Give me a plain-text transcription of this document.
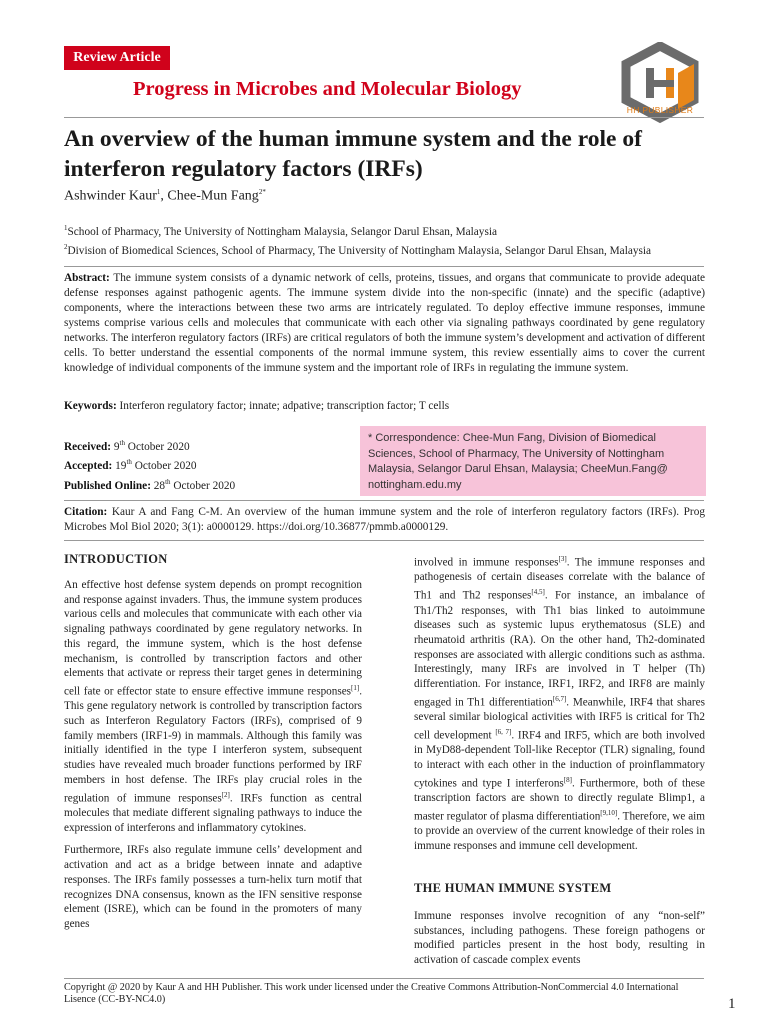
Review Article
Progress in Microbes and Molecular Biology
HH PUBLISHER
An overview of the human immune system and the role of interferon regulatory factors (IRFs)
Ashwinder Kaur$^1$, Chee-Mun Fang$^{2*}$

$^1$School of Pharmacy, The University of Nottingham Malaysia, Selangor Darul Ehsan, Malaysia

$^2$Division of Biomedical Sciences, School of Pharmacy, The University of Nottingham Malaysia, Selangor Darul Ehsan, Malaysia

Abstract: The immune system consists of a dynamic network of cells, proteins, tissues, and organs that communicate to provide adequate defense responses against pathogenic agents. The immune system divide into the non-specific (innate) and the specific (adaptive) components, where the interactions between these two arms are intricately regulated. To deploy effective immune responses, immune systems comprise various cells and molecules that communicate with each other via signaling pathways coordinated by gene regulatory networks. The interferon regulatory factors (IRFs) are critical regulators of both the immune system’s development and activation of different cells. To better understand the essential components of the normal immune system, this review essentially aims to cover the current knowledge of individual components of the immune system and the important role of IRFs in regulating the immune system.
Keywords: Interferon regulatory factor; innate; adpative; transcription factor; T cells
Received: 9th October 2020
Accepted: 19th October 2020
Published Online: 28th October 2020
* Correspondence: Chee-Mun Fang, Division of Biomedical
Sciences, School of Pharmacy, The University of Nottingham
Malaysia, Selangor Darul Ehsan, Malaysia; CheeMun.Fang@
nottingham.edu.my
Citation: Kaur A and Fang C-M. An overview of the human immune system and the role of interferon regulatory factors (IRFs). Prog Microbes Mol Biol 2020; 3(1): a0000129. https://doi.org/10.36877/pmmb.a0000129.
INTRODUCTION

An effective host defense system depends on prompt recognition and response against invaders. Thus, the immune system produces various cells and molecules that communicate with each other via signaling pathways coordinated by gene regulatory networks. In this regard, the immune system, which is the host defense mechanism, is controlled by transcription factors and other elements that activate or repress their target genes in determining cell fate or effector state to ensure effective immune responses[1]. This gene regulatory network is controlled by transcription factors such as Interferon Regulatory Factors (IRFs), comprised of 9 family members (IRF1-9) in mammals. Although this family was initially identified in the type I interferon system, subsequent studies have revealed much broader functions performed by IRF members in host defense. The IRFs play crucial roles in the regulation of immune responses[2]. IRFs function as central molecules that mediate different signaling pathways to induce the expression of interferons and inflammatory cytokines.

Furthermore, IRFs also regulate immune cells’ development and activation and act as a bridge between innate and adaptive responses. The IRFs family possesses a turn-helix turn motif that recognizes DNA consensus, known as the IFN sensitive response element (ISRE), which can be found in the promoters of many genes

involved in immune responses[3]. The immune responses and pathogenesis of certain diseases correlate with the balance of Th1 and Th2 responses[4,5]. For instance, an imbalance of Th1/Th2 responses, with Th1 bias linked to autoimmune diseases such as systemic lupus erythematosus (SLE) and rheumatoid arthritis (RA). On the other hand, Th2-dominated responses are associated with allergic conditions such as asthma. Interestingly, many IRFs are involved in T helper (Th) differentiation. For instance, IRF1, IRF2, and IRF8 are mainly engaged in Th1 differentiation[6,7]. Meanwhile, IRF4 that shares several similar biological activities with IRF5 is critical for Th2 cell development [6, 7]. IRF4 and IRF5, which are both involved in MyD88-dependent Toll-like Receptor (TLR) signaling, found to interact with each other in the induction of proinflammatory cytokines and type I interferons[8]. Furthermore, both of these transcription factors are shown to directly regulate Blimp1, a master regulator of plasma differentiation[9,10]. Therefore, we aim to provide an overview of the current knowledge of their roles in immune responses and immune cell development.

THE HUMAN IMMUNE SYSTEM

Immune responses involve recognition of any “non-self” substances, including pathogens. These foreign pathogens or modified particles present in the host body, resulting in activation of cascade complex events

Copyright @ 2020 by Kaur A and HH Publisher. This work under licensed under the Creative Commons Attribution-NonCommercial 4.0 International Lisence (CC-BY-NC4.0)	1
